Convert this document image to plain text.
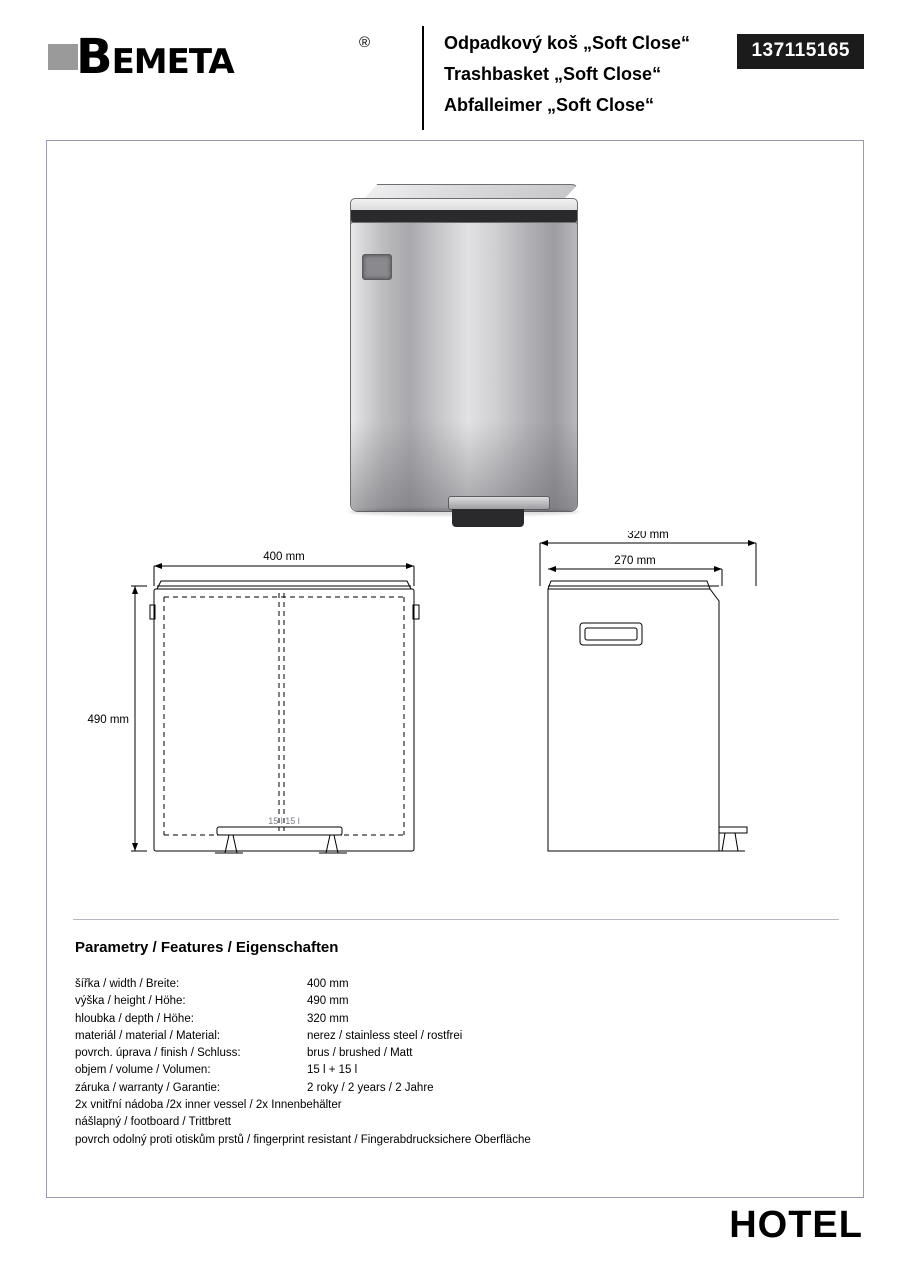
Bemeta	®	Odpadkový koš „Soft Close“
Trashbasket „Soft Close“
Abfalleimer „Soft Close“
137115165
400 mm
490 mm
15 l 15 l
320 mm
270 mm
Parametry / Features / Eigenschaften
šířka / width / Breite:	400 mm
výška / height / Höhe:	490 mm
hloubka / depth / Höhe:	320 mm
materiál / material / Material:	nerez / stainless steel / rostfrei
povrch. úprava / finish / Schluss:	brus / brushed / Matt
objem / volume / Volumen:	15 l + 15 l
záruka / warranty / Garantie:	2 roky / 2 years / 2 Jahre
2x vnitřní nádoba /2x inner vessel / 2x Innenbehälter
nášlapný / footboard / Trittbrett
povrch odolný proti otiskům prstů / fingerprint resistant / Fingerabdrucksichere Oberfläche
HOTEL
